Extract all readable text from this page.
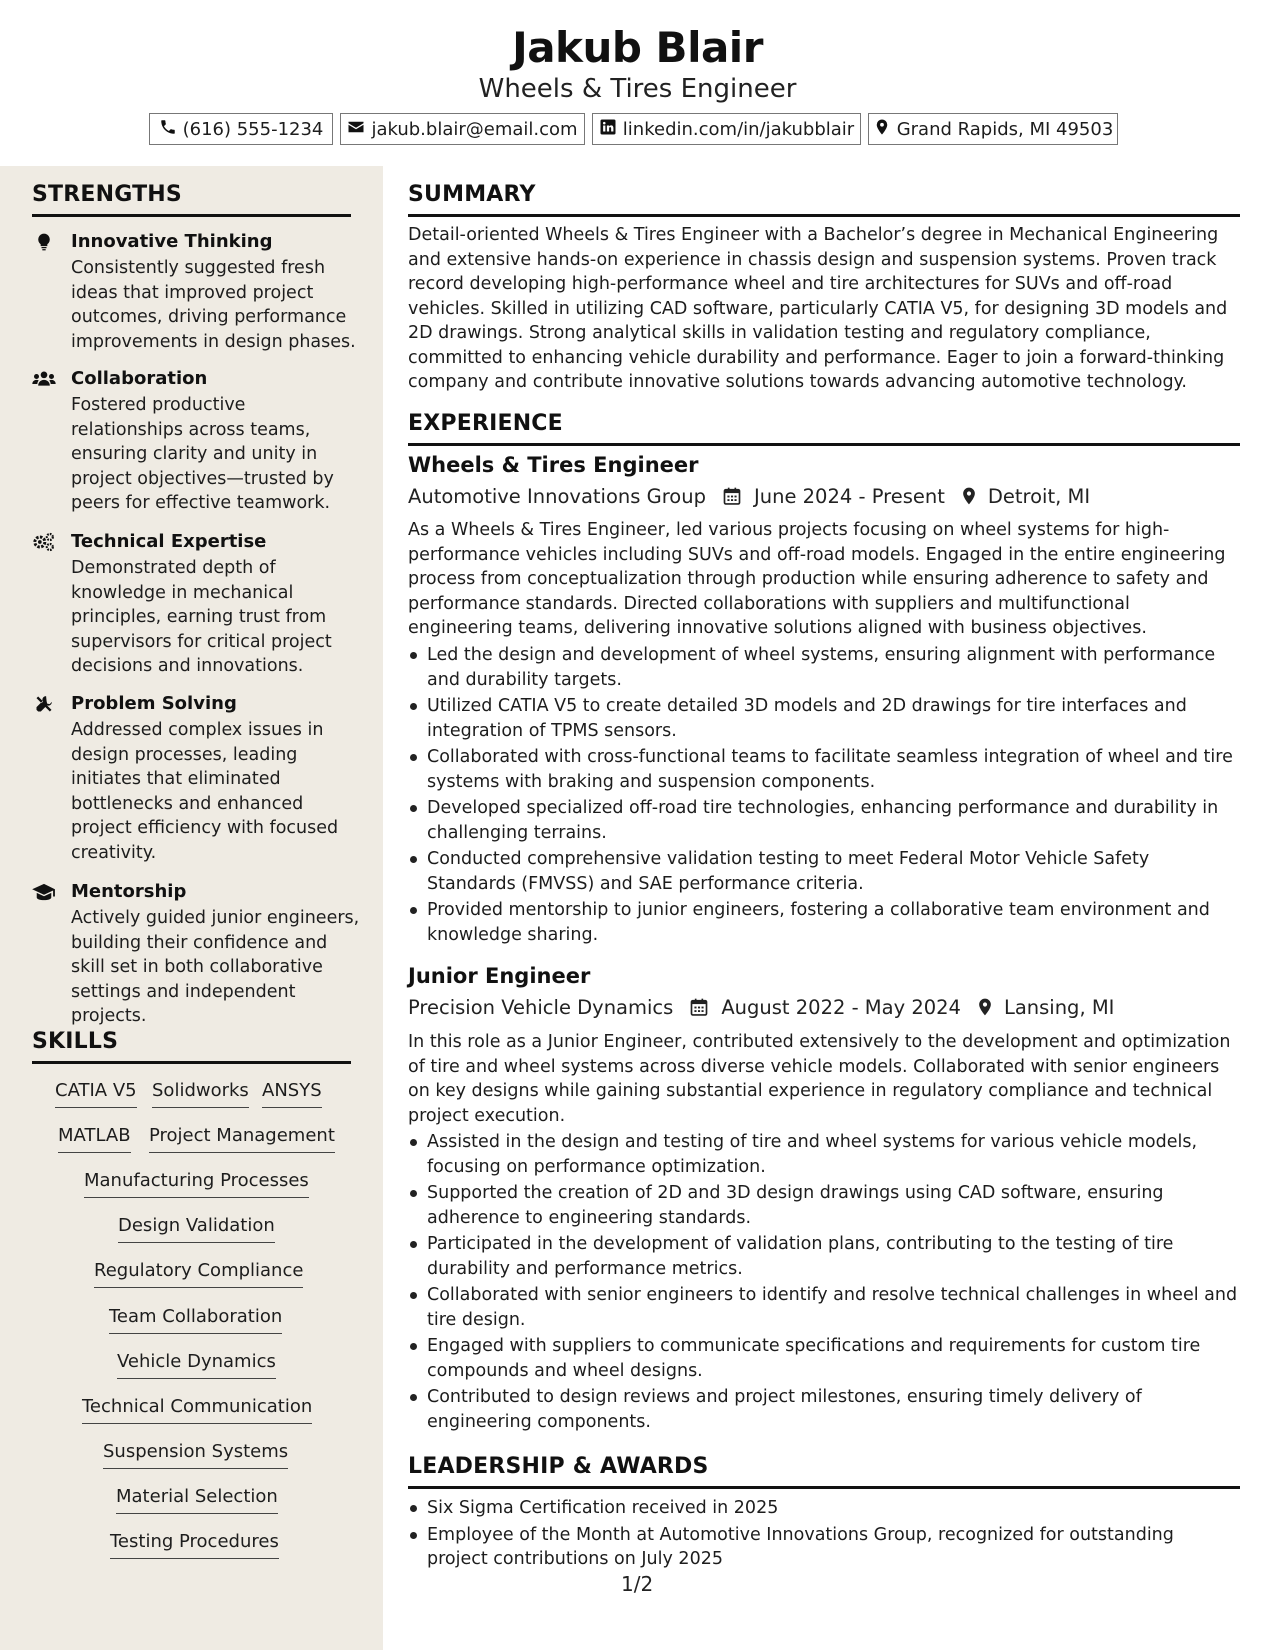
Jakub Blair
Wheels & Tires Engineer
(616) 555-1234	jakub.blair@email.com	linkedin.com/in/jakubblair Grand Rapids, MI 49503
STRENGTHS
Innovative Thinking
Consistently suggested fresh ideas that improved project outcomes, driving performance improvements in design phases.
Collaboration
Fostered productive relationships across teams, ensuring clarity and unity in project objectives—trusted by peers for effective teamwork.
Technical Expertise
Demonstrated depth of knowledge in mechanical principles, earning trust from supervisors for critical project decisions and innovations.
Problem Solving
Addressed complex issues in design processes, leading initiates that eliminated bottlenecks and enhanced project efficiency with focused creativity.
Mentorship
Actively guided junior engineers, building their confidence and skill set in both collaborative settings and independent projects.
SKILLS
CATIA V5 Solidworks ANSYS
MATLAB Project Management
Manufacturing Processes
Design Validation
Regulatory Compliance
Team Collaboration
Vehicle Dynamics
Technical Communication
Suspension Systems
Material Selection
Testing Procedures
SUMMARY
Detail-oriented Wheels & Tires Engineer with a Bachelor’s degree in Mechanical Engineering and extensive hands-on experience in chassis design and suspension systems. Proven track record developing high-performance wheel and tire architectures for SUVs and off-road vehicles. Skilled in utilizing CAD software, particularly CATIA V5, for designing 3D models and 2D drawings. Strong analytical skills in validation testing and regulatory compliance, committed to enhancing vehicle durability and performance. Eager to join a forward-thinking company and contribute innovative solutions towards advancing automotive technology.
EXPERIENCE
Wheels & Tires Engineer
Automotive Innovations Group June 2024 - Present Detroit, MI
As a Wheels & Tires Engineer, led various projects focusing on wheel systems for high-performance vehicles including SUVs and off-road models. Engaged in the entire engineering process from conceptualization through production while ensuring adherence to safety and performance standards. Directed collaborations with suppliers and multifunctional engineering teams, delivering innovative solutions aligned with business objectives.
Led the design and development of wheel systems, ensuring alignment with performance and durability targets.
Utilized CATIA V5 to create detailed 3D models and 2D drawings for tire interfaces and integration of TPMS sensors.
Collaborated with cross-functional teams to facilitate seamless integration of wheel and tire systems with braking and suspension components.
Developed specialized off-road tire technologies, enhancing performance and durability in challenging terrains.
Conducted comprehensive validation testing to meet Federal Motor Vehicle Safety Standards (FMVSS) and SAE performance criteria.
Provided mentorship to junior engineers, fostering a collaborative team environment and knowledge sharing.
Junior Engineer
Precision Vehicle Dynamics August 2022 - May 2024 Lansing, MI
In this role as a Junior Engineer, contributed extensively to the development and optimization of tire and wheel systems across diverse vehicle models. Collaborated with senior engineers on key designs while gaining substantial experience in regulatory compliance and technical project execution.
Assisted in the design and testing of tire and wheel systems for various vehicle models, focusing on performance optimization.
Supported the creation of 2D and 3D design drawings using CAD software, ensuring adherence to engineering standards.
Participated in the development of validation plans, contributing to the testing of tire durability and performance metrics.
Collaborated with senior engineers to identify and resolve technical challenges in wheel and tire design.
Engaged with suppliers to communicate specifications and requirements for custom tire compounds and wheel designs.
Contributed to design reviews and project milestones, ensuring timely delivery of engineering components.
LEADERSHIP & AWARDS
Six Sigma Certification received in 2025
Employee of the Month at Automotive Innovations Group, recognized for outstanding project contributions on July 2025
1/2
